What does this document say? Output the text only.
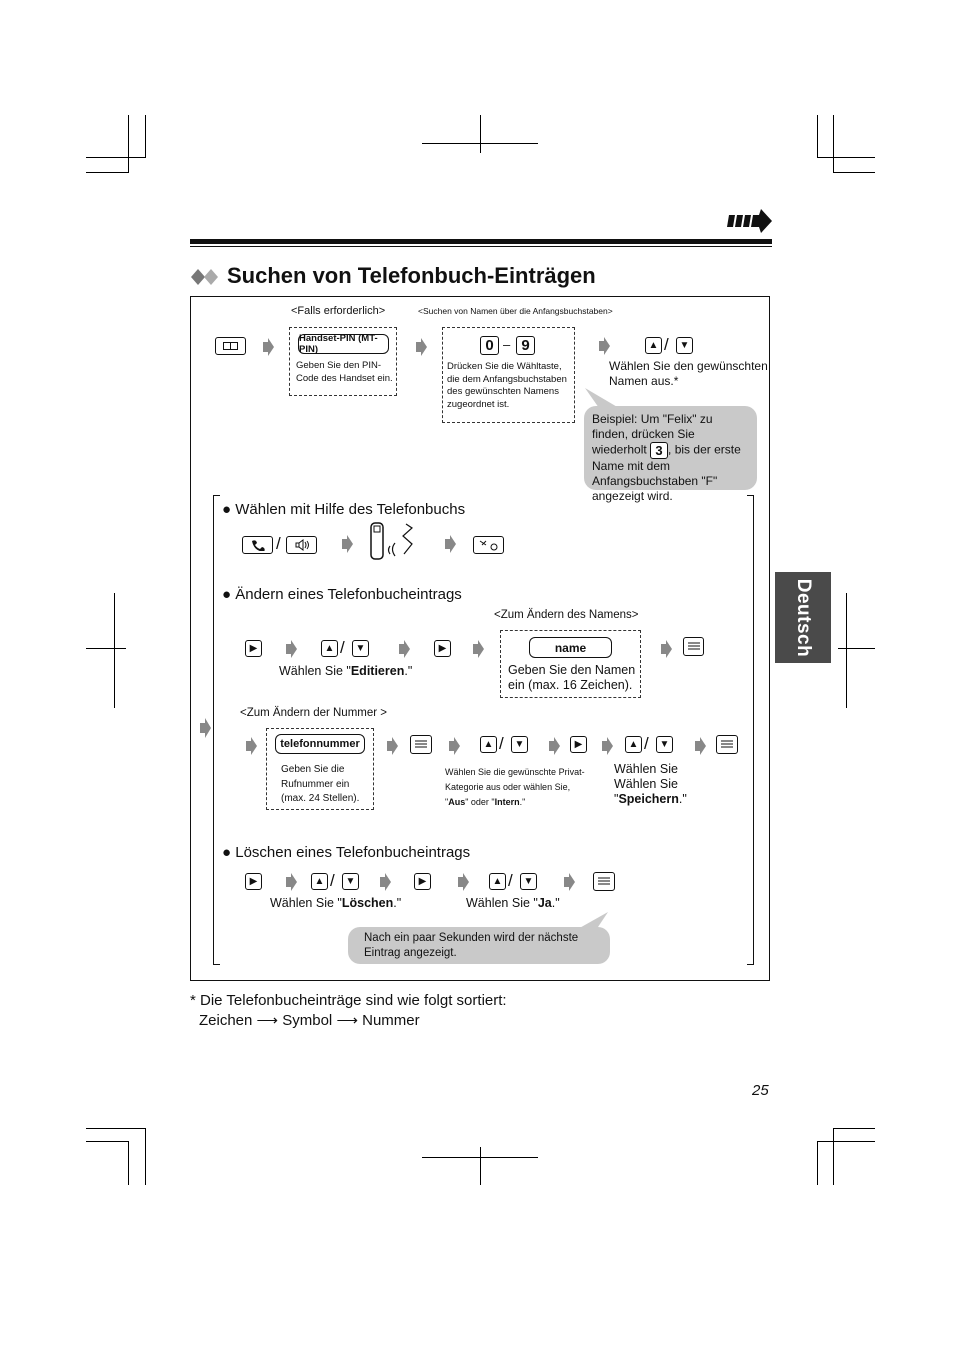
Suchen von Telefonbuch-Einträgen
Deutsch
<Falls erforderlich>	<Suchen von Namen über die Anfangsbuchstaben>
Handset-PIN (MT-PIN)
Geben Sie den PIN-Code des Handset ein.
0 – 9
Drücken Sie die Wähltaste, die dem Anfangsbuchstaben des gewünschten Namens zugeordnet ist.
▲ /	▼
Wählen Sie den gewünschten Namen aus.*
Beispiel: Um "Felix" zu finden, drücken Sie wiederholt 3 , bis der erste Name mit dem Anfangsbuchstaben "F" angezeigt wird.
● Wählen mit Hilfe des Telefonbuchs
/
● Ändern eines Telefonbucheintrags
<Zum Ändern des Namens>
▶	▲ /	▼	▶
Wählen Sie "Editieren."
name
Geben Sie den Namen ein (max. 16 Zeichen).
<Zum Ändern der Nummer >
telefonnummer
Geben Sie die Rufnummer ein (max. 24 Stellen).
▲ /	▼	▶	▲ /	▼
Wählen Sie die gewünschte Privat-Kategorie aus oder wählen Sie, "Aus" oder "Intern."
Wählen Sie
Wählen Sie "Speichern."
● Löschen eines Telefonbucheintrags
▶	▲ /	▼	▶	▲ /	▼
Wählen Sie "Löschen."	Wählen Sie "Ja."
Nach ein paar Sekunden wird der nächste Eintrag angezeigt.
* Die Telefonbucheinträge sind wie folgt sortiert:
Zeichen ⟶ Symbol ⟶ Nummer
25
